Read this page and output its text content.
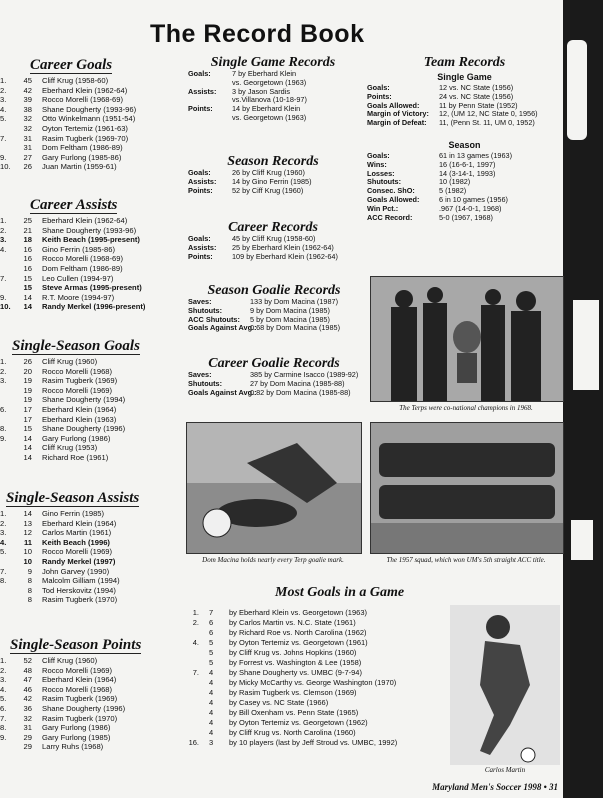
The Record Book
Career Goals
1.	45	Cliff Krug (1958-60)
2.	42	Eberhard Klein (1962-64)
3.	39	Rocco Morelli (1968-69)
4.	38	Shane Dougherty (1993-96)
5.	32	Otto Winkelmann (1951-54)
32	Oyton Tertemiz (1961-63)
7.	31	Rasim Tugberk (1969-70)
31	Dom Feltham (1986-89)
9.	27	Gary Furlong (1985-86)
10.	26	Juan Martin (1959-61)
Career Assists
1.	25	Eberhard Klein (1962-64)
2.	21	Shane Dougherty (1993-96)
3.	18	Keith Beach (1995-present)
4.	16	Gino Ferrin (1985-86)
16	Rocco Morelli (1968-69)
16	Dom Feltham (1986-89)
7.	15	Leo Cullen (1994-97)
15	Steve Armas (1995-present)
9.	14	R.T. Moore (1994-97)
10.	14	Randy Merkel (1996-present)
Single-Season Goals
1.	26	Cliff Krug (1960)
2.	20	Rocco Morelli (1968)
3.	19	Rasim Tugberk (1969)
19	Rocco Morelli (1969)
19	Shane Dougherty (1994)
6.	17	Eberhard Klein (1964)
17	Eberhard Klein (1963)
8.	15	Shane Dougherty (1996)
9.	14	Gary Furlong (1986)
14	Cliff Krug (1953)
14	Richard Roe (1961)
Single-Season Assists
1.	14	Gino Ferrin (1985)
2.	13	Eberhard Klein (1964)
3.	12	Carlos Martin (1961)
4.	11	Keith Beach (1996)
5.	10	Rocco Morelli (1969)
10	Randy Merkel (1997)
7.	9	John Garvey (1990)
8.	8	Malcolm Gilliam (1994)
8	Tod Herskovitz (1994)
8	Rasim Tugberk (1970)
Single-Season Points
1.	52	Cliff Krug (1960)
2.	48	Rocco Morelli (1969)
3.	47	Eberhard Klein (1964)
4.	46	Rocco Morelli (1968)
5.	42	Rasim Tugberk (1969)
6.	36	Shane Dougherty (1996)
7.	32	Rasim Tugberk (1970)
8.	31	Gary Furlong (1986)
9.	29	Gary Furlong (1985)
29	Larry Ruhs (1968)
Single Game Records
Goals:	7 by Eberhard Klein
vs. Georgetown (1963)
Assists:	3 by Jason Sardis
vs.Villanova (10-18-97)
Points:	14 by Eberhard Klein
vs. Georgetown (1963)
Season Records
Goals:	26 by Cliff Krug (1960)
Assists:	14 by Gino Ferrin (1985)
Points:	52 by Ciff Krug (1960)
Career Records
Goals:	45 by Cliff Krug (1958-60)
Assists:	25 by Eberhard Klein (1962-64)
Points:	109 by Eberhard Klein (1962-64)
Season Goalie Records
Saves:	133 by Dom Macina (1987)
Shutouts:	9 by Dom Macina (1985)
ACC Shutouts:	5 by Dom Macina (1985)
Goals Against Avg.:
0.68 by Dom Macina (1985)
Career Goalie Records
Saves:	385 by Carmine Isacco (1989-92)
Shutouts:	27 by Dom Macina (1985-88)
Goals Against Avg.:
0.82 by Dom Macina (1985-88)
Team Records
Single Game
Goals:	12 vs. NC State (1956)
Points:	24 vs. NC State (1956)
Goals Allowed:	11 by Penn State (1952)
Margin of Victory:	12, (UM 12, NC State 0, 1956)
Margin of Defeat:	11, (Penn St. 11, UM 0, 1952)
Season
Goals:	61 in 13 games (1963)
Wins:	16 (16-6-1, 1997)
Losses:	14 (3-14-1, 1993)
Shutouts:	10 (1982)
Consec. ShO:	5 (1982)
Goals Allowed:	6 in 10 games (1956)
Win Pct.:	.967 (14-0-1, 1968)
ACC Record:	5-0 (1967, 1968)
The Terps were co-national champions in 1968.
Dom Macina holds nearly every Terp goalie mark.	The 1957 squad, which won UM's 5th straight ACC title.
Most Goals in a Game
1.	7	by Eberhard Klein vs. Georgetown (1963)
2.	6	by Carlos Martin vs. N.C. State (1961)
6	by Richard Roe vs. North Carolina (1962)
4.	5	by Oyton Tertemiz vs. Georgetown (1961)
5	by Cliff Krug vs. Johns Hopkins (1960)
5	by Forrest vs. Washington & Lee (1958)
7.	4	by Shane Dougherty vs. UMBC (9-7-94)
4	by Micky McCarthy vs. George Washington (1970)
4	by Rasim Tugberk vs. Clemson (1969)
4	by Casey vs. NC State (1966)
4	by Bill Oxenham vs. Penn State (1965)
4	by Oyton Tertemiz vs. Georgetown (1962)
4	by Cliff Krug vs. North Carolina (1960)
16.	3	by 10 players (last by Jeff Stroud vs. UMBC, 1992)
Carlos Martin
Maryland Men's Soccer 1998 • 31
